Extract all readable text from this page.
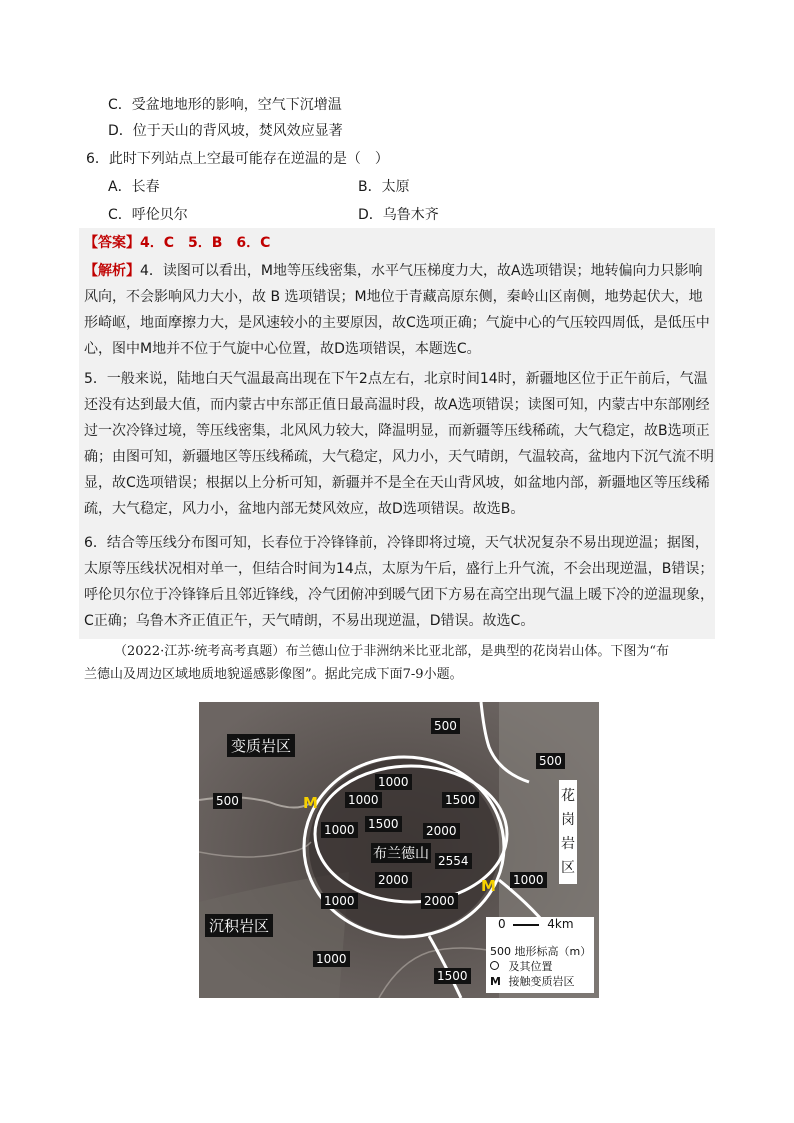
C．受盆地地形的影响，空气下沉增温
D．位于天山的背风坡，焚风效应显著
6．此时下列站点上空最可能存在逆温的是（　）
A．长春	B．太原
C．呼伦贝尔	D．乌鲁木齐
【答案】4．C　5．B　6．C

【解析】4．读图可以看出，M地等压线密集，水平气压梯度力大，故A选项错误；地转偏向力只影响

风向，不会影响风力大小，故 B 选项错误；M地位于青藏高原东侧，秦岭山区南侧，地势起伏大，地

形崎岖，地面摩擦力大，是风速较小的主要原因，故C选项正确；气旋中心的气压较四周低，是低压中

心，图中M地并不位于气旋中心位置，故D选项错误，本题选C。

5．一般来说，陆地白天气温最高出现在下午2点左右，北京时间14时，新疆地区位于正午前后，气温

还没有达到最大值，而内蒙古中东部正值日最高温时段，故A选项错误；读图可知，内蒙古中东部刚经

过一次冷锋过境，等压线密集，北风风力较大，降温明显，而新疆等压线稀疏，大气稳定，故B选项正

确；由图可知，新疆地区等压线稀疏，大气稳定，风力小，天气晴朗，气温较高，盆地内下沉气流不明

显，故C选项错误；根据以上分析可知，新疆并不是全在天山背风坡，如盆地内部，新疆地区等压线稀

疏，大气稳定，风力小，盆地内部无焚风效应，故D选项错误。故选B。

6．结合等压线分布图可知，长春位于冷锋锋前，冷锋即将过境，天气状况复杂不易出现逆温；据图，

太原等压线状况相对单一，但结合时间为14点，太原为午后，盛行上升气流，不会出现逆温，B错误；

呼伦贝尔位于冷锋锋后且邻近锋线，冷气团俯冲到暖气团下方易在高空出现气温上暖下冷的逆温现象，

C正确；乌鲁木齐正值正午，天气晴朗，不易出现逆温，D错误。故选C。

（2022·江苏·统考高考真题）布兰德山位于非洲纳米比亚北部，是典型的花岗岩山体。下图为“布

兰德山及周边区域地质地貌遥感影像图”。据此完成下面7-9小题。

变质岩区
沉积岩区
花
岗
岩
区
布兰德山
M
M
500
500
500
1000
1000	1500
1000 1500 2000
2554
2000	1000
1000	2000
1000
1500
0	4km
500 地形标高（m）
及其位置
M 接触变质岩区
